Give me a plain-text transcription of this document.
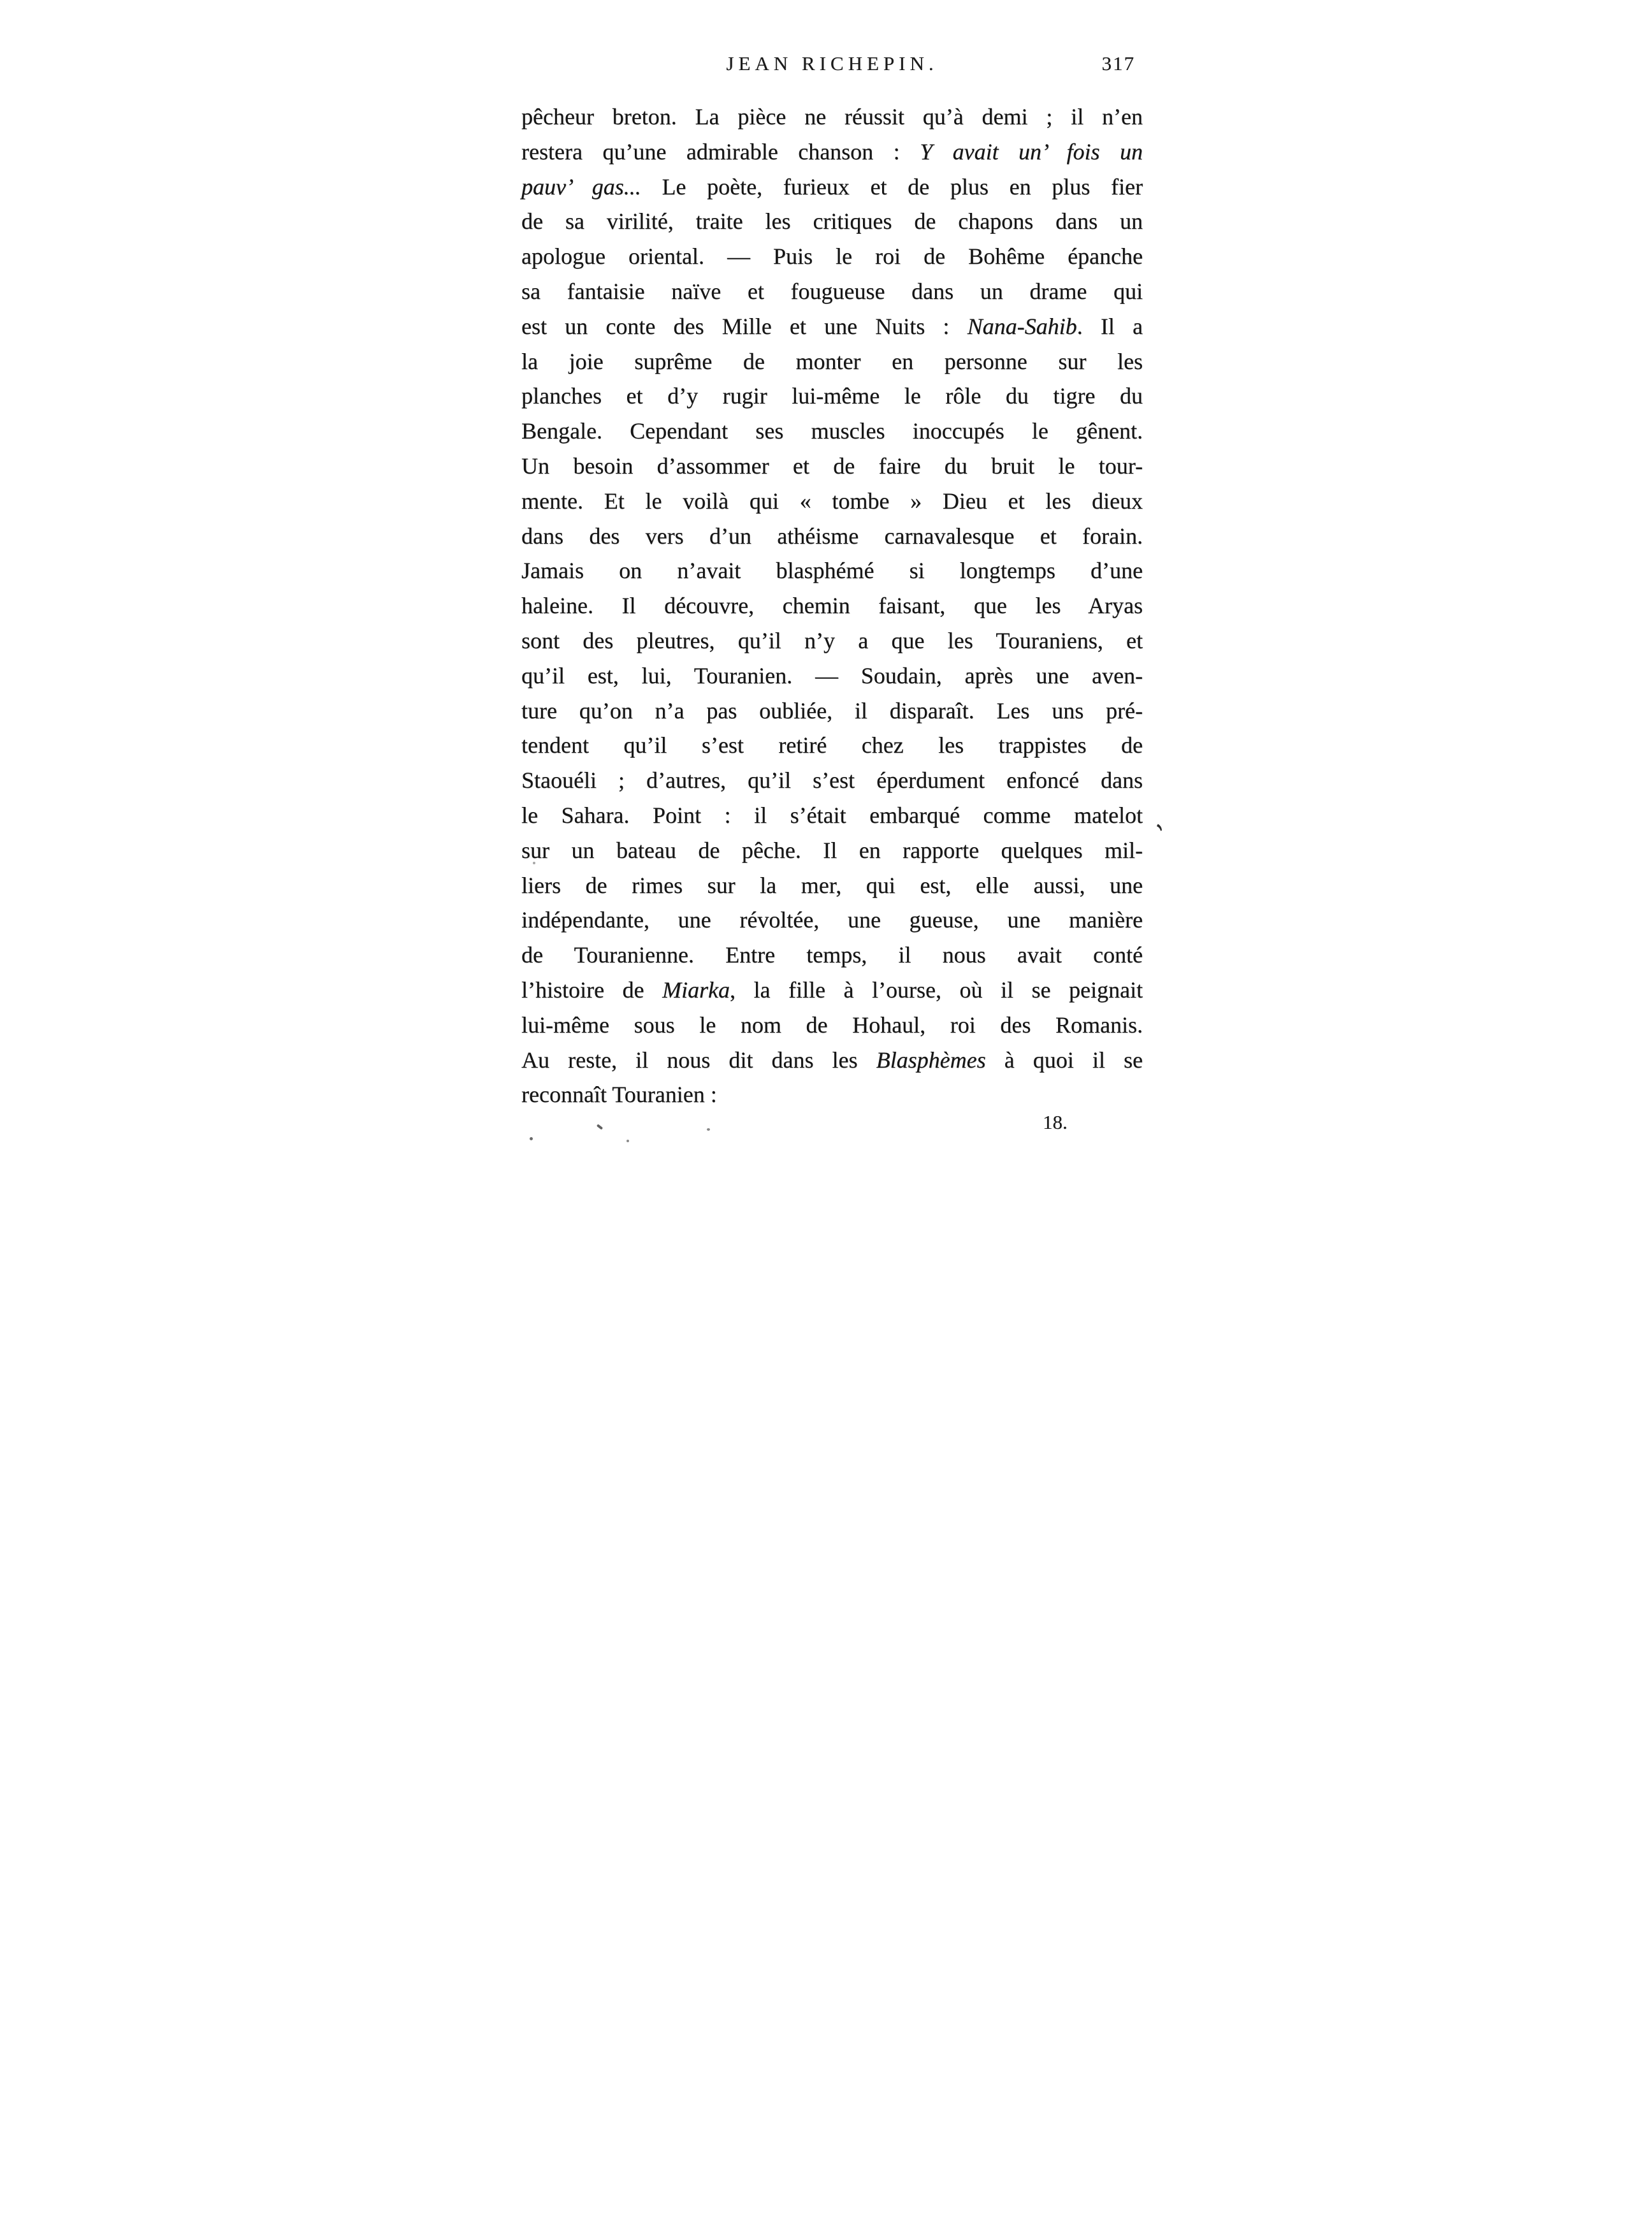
JEAN RICHEPIN.	317
pêcheur breton. La pièce ne réussit qu’à demi ; il n’en
restera qu’une admirable chanson : Y avait un’ fois un
pauv’ gas... Le poète, furieux et de plus en plus fier
de sa virilité, traite les critiques de chapons dans un
apologue oriental. — Puis le roi de Bohême épanche
sa fantaisie naïve et fougueuse dans un drame qui
est un conte des Mille et une Nuits : Nana-Sahib. Il a
la joie suprême de monter en personne sur les
planches et d’y rugir lui-même le rôle du tigre du
Bengale. Cependant ses muscles inoccupés le gênent.
Un besoin d’assommer et de faire du bruit le tour-
mente. Et le voilà qui « tombe » Dieu et les dieux
dans des vers d’un athéisme carnavalesque et forain.
Jamais on n’avait blasphémé si longtemps d’une
haleine. Il découvre, chemin faisant, que les Aryas
sont des pleutres, qu’il n’y a que les Touraniens, et
qu’il est, lui, Touranien. — Soudain, après une aven-
ture qu’on n’a pas oubliée, il disparaît. Les uns pré-
tendent qu’il s’est retiré chez les trappistes de
Staouéli ; d’autres, qu’il s’est éperdument enfoncé dans
le Sahara. Point : il s’était embarqué comme matelot
sur un bateau de pêche. Il en rapporte quelques mil-
liers de rimes sur la mer, qui est, elle aussi, une
indépendante, une révoltée, une gueuse, une manière
de Touranienne. Entre temps, il nous avait conté
l’histoire de Miarka, la fille à l’ourse, où il se peignait
lui-même sous le nom de Hohaul, roi des Romanis.
Au reste, il nous dit dans les Blasphèmes à quoi il se
reconnaît Touranien :
18.
‚
